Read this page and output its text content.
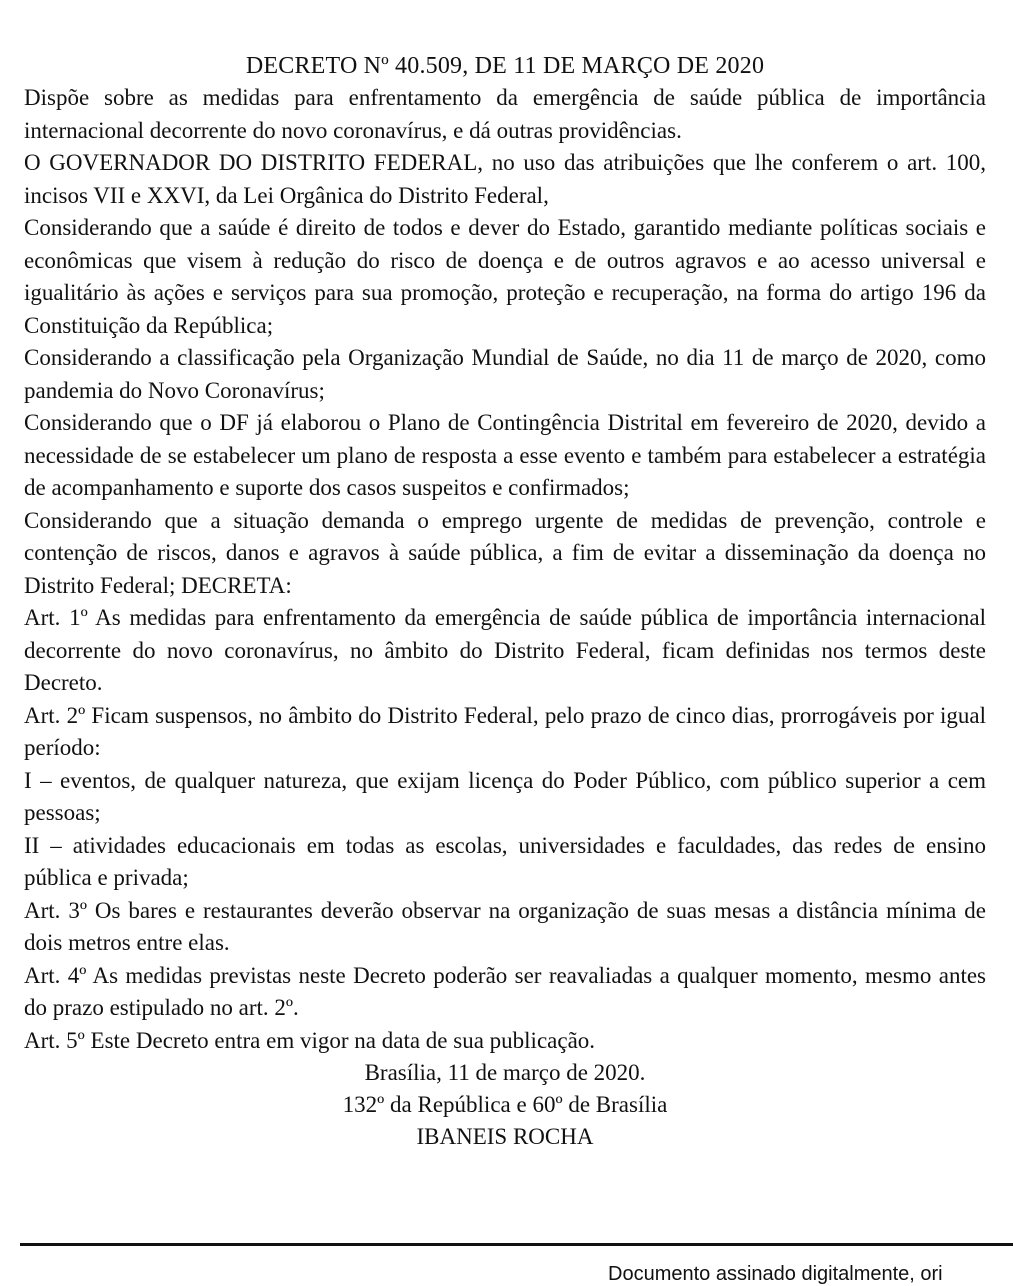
DECRETO Nº 40.509, DE 11 DE MARÇO DE 2020

Dispõe sobre as medidas para enfrentamento da emergência de saúde pública de importância internacional decorrente do novo coronavírus, e dá outras providências.

O GOVERNADOR DO DISTRITO FEDERAL, no uso das atribuições que lhe conferem o art. 100, incisos VII e XXVI, da Lei Orgânica do Distrito Federal,

Considerando que a saúde é direito de todos e dever do Estado, garantido mediante políticas sociais e econômicas que visem à redução do risco de doença e de outros agravos e ao acesso universal e igualitário às ações e serviços para sua promoção, proteção e recuperação, na forma do artigo 196 da Constituição da República;

Considerando a classificação pela Organização Mundial de Saúde, no dia 11 de março de 2020, como pandemia do Novo Coronavírus;

Considerando que o DF já elaborou o Plano de Contingência Distrital em fevereiro de 2020, devido a necessidade de se estabelecer um plano de resposta a esse evento e também para estabelecer a estratégia de acompanhamento e suporte dos casos suspeitos e confirmados;

Considerando que a situação demanda o emprego urgente de medidas de prevenção, controle e contenção de riscos, danos e agravos à saúde pública, a fim de evitar a disseminação da doença no Distrito Federal; DECRETA:

Art. 1º As medidas para enfrentamento da emergência de saúde pública de importância internacional decorrente do novo coronavírus, no âmbito do Distrito Federal, ficam definidas nos termos deste Decreto.

Art. 2º Ficam suspensos, no âmbito do Distrito Federal, pelo prazo de cinco dias, prorrogáveis por igual período:

I – eventos, de qualquer natureza, que exijam licença do Poder Público, com público superior a cem pessoas;

II – atividades educacionais em todas as escolas, universidades e faculdades, das redes de ensino pública e privada;

Art. 3º Os bares e restaurantes deverão observar na organização de suas mesas a distância mínima de dois metros entre elas.

Art. 4º As medidas previstas neste Decreto poderão ser reavaliadas a qualquer momento, mesmo antes do prazo estipulado no art. 2º.

Art. 5º Este Decreto entra em vigor na data de sua publicação.

Brasília, 11 de março de 2020.

132º da República e 60º de Brasília

IBANEIS ROCHA

Documento assinado digitalmente, ori
